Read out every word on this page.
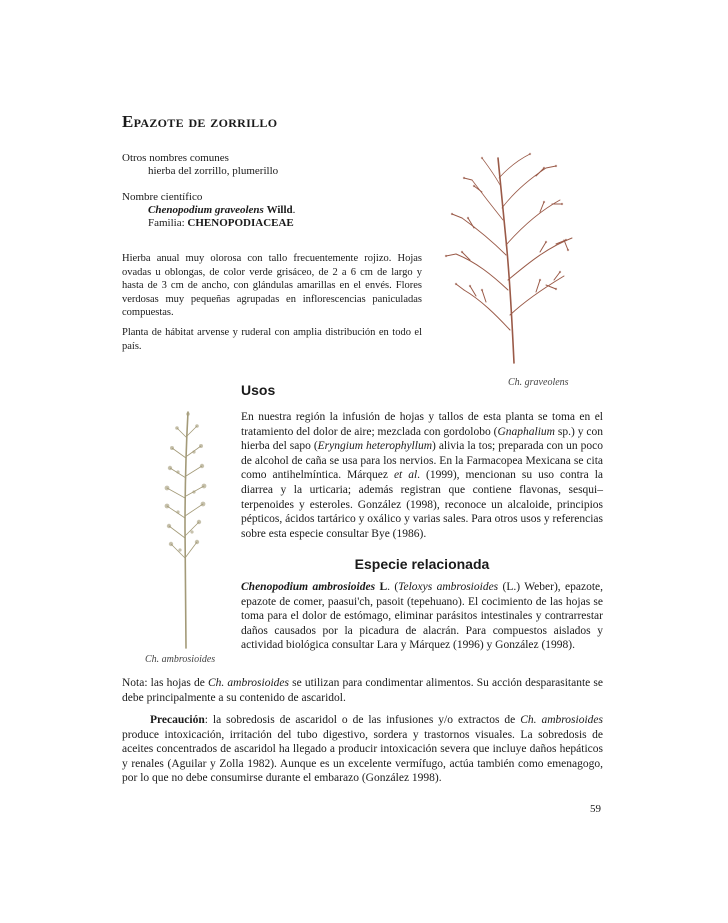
Epazote de zorrillo
Otros nombres comunes
hierba del zorrillo, plumerillo
Nombre científico
Chenopodium graveolens Willd.
Familia: CHENOPODIACEAE
Hierba anual muy olorosa con tallo frecuentemente rojizo. Hojas ovadas u oblongas, de color verde grisáceo, de 2 a 6 cm de largo y hasta de 3 cm de ancho, con glándulas amarillas en el envés. Flores verdosas muy pequeñas agrupadas en inflorescencias paniculadas compuestas.
Planta de hábitat arvense y ruderal con amplia distribución en todo el país.
Ch. graveolens
Ch. ambrosioides
Usos
En nuestra región la infusión de hojas y tallos de esta planta se toma en el tratamiento del dolor de aire; mezclada con gordolobo (Gnaphalium sp.) y con hierba del sapo (Eryngium heterophyllum) alivia la tos; preparada con un poco de alcohol de caña se usa para los nervios. En la Farmacopea Mexicana se cita como antihelmíntica. Márquez et al. (1999), mencionan su uso contra la diarrea y la urticaria; además registran que contiene flavonas, sesqui–terpenoides y esteroles. González (1998), reconoce un alcaloide, principios pépticos, ácidos tartárico y oxálico y varias sales. Para otros usos y referencias sobre esta especie consultar Bye (1986).
Especie relacionada
Chenopodium ambrosioides L. (Teloxys ambrosioides (L.) Weber), epazote, epazote de comer, paasui'ch, pasoit (tepehuano). El cocimiento de las hojas se toma para el dolor de estómago, eliminar parásitos intestinales y contrarrestar daños causados por la picadura de alacrán. Para compuestos aislados y actividad biológica consultar Lara y Márquez (1996) y González (1998).
Nota: las hojas de Ch. ambrosioides se utilizan para condimentar alimentos. Su acción desparasitante se debe principalmente a su contenido de ascaridol.
Precaución: la sobredosis de ascaridol o de las infusiones y/o extractos de Ch. ambrosioides produce intoxicación, irritación del tubo digestivo, sordera y trastornos visuales. La sobredosis de aceites concentrados de ascaridol ha llegado a producir intoxicación severa que incluye daños hepáticos y renales (Aguilar y Zolla 1982). Aunque es un excelente vermífugo, actúa también como emenagogo, por lo que no debe consumirse durante el embarazo (González 1998).
59
